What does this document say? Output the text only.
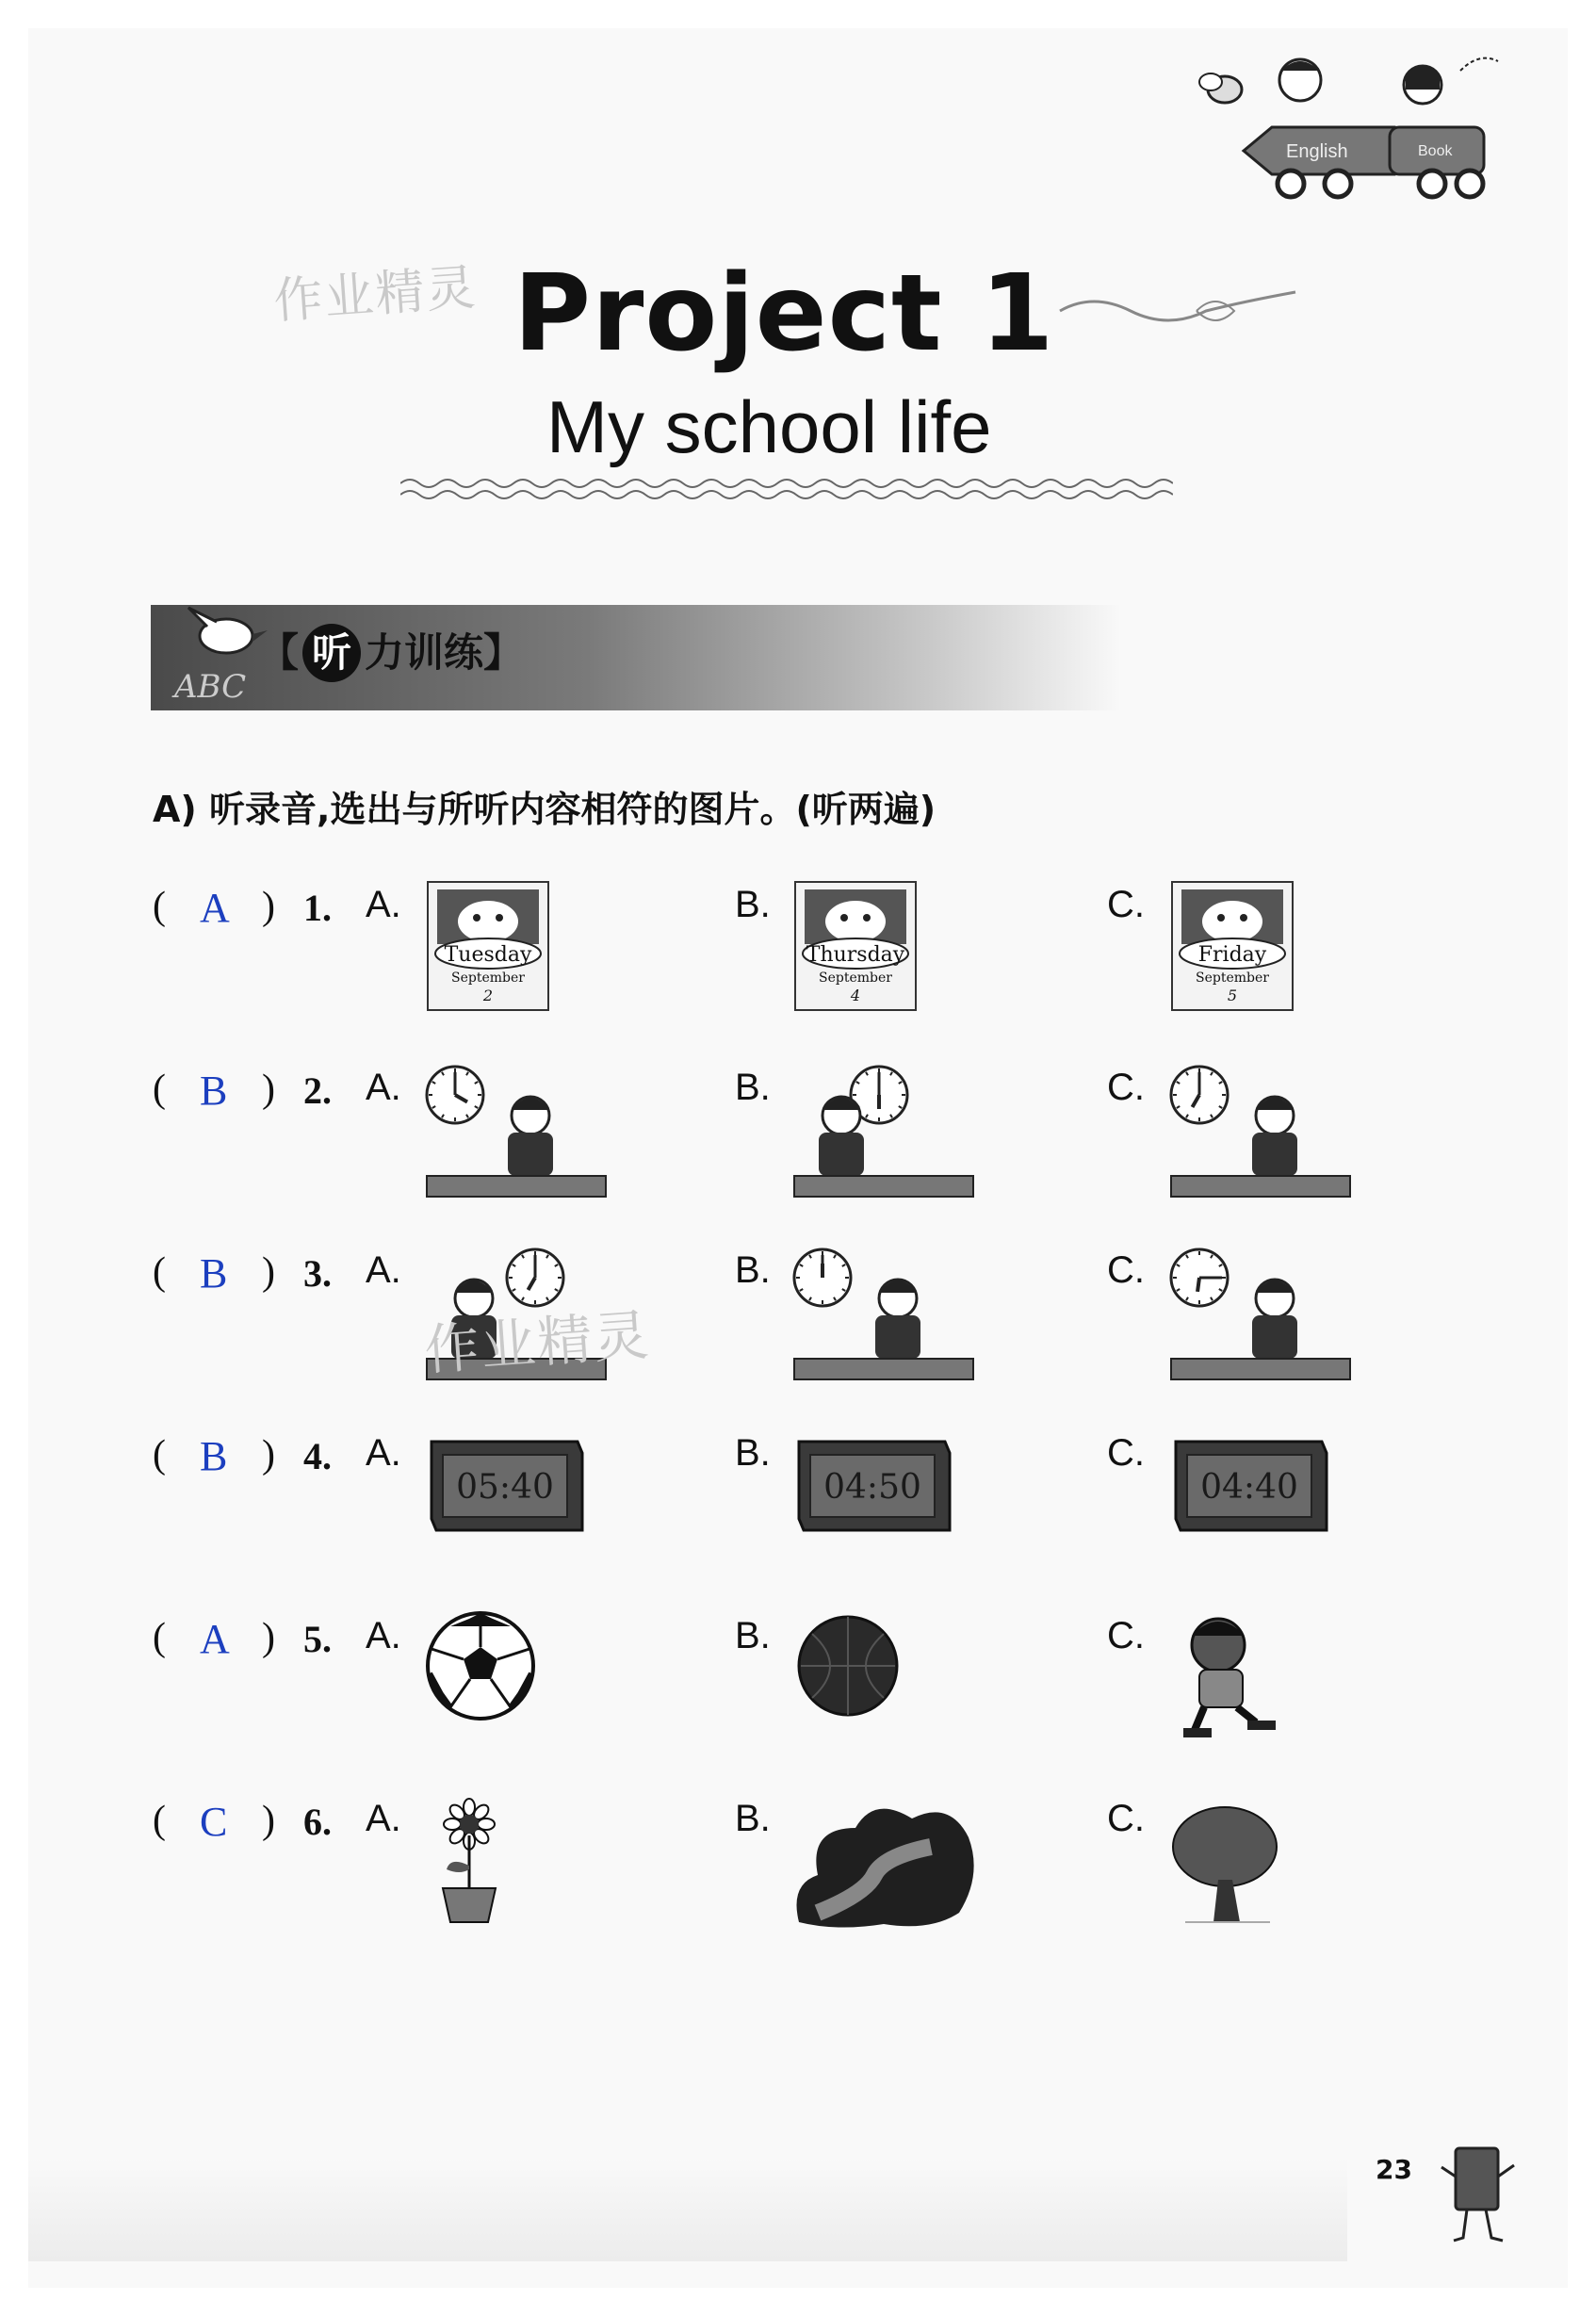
English	Book
作业精灵 Project 1
My school life
ABC
【 听 力训练】
A) 听录音,选出与所听内容相符的图片。(听两遍)
( A ) 1. A.
Tuesday
September
2
B.
Thursday
September
4
C.
Friday
September
5
( B ) 2. A.	B.	C.
( B ) 3. A.	B.	C.
( B ) 4. A.
05:40
B.
04:50
C.
04:40
( A ) 5. A.	B.	C.
( C ) 6. A.	B.	C.
作业精灵
23
